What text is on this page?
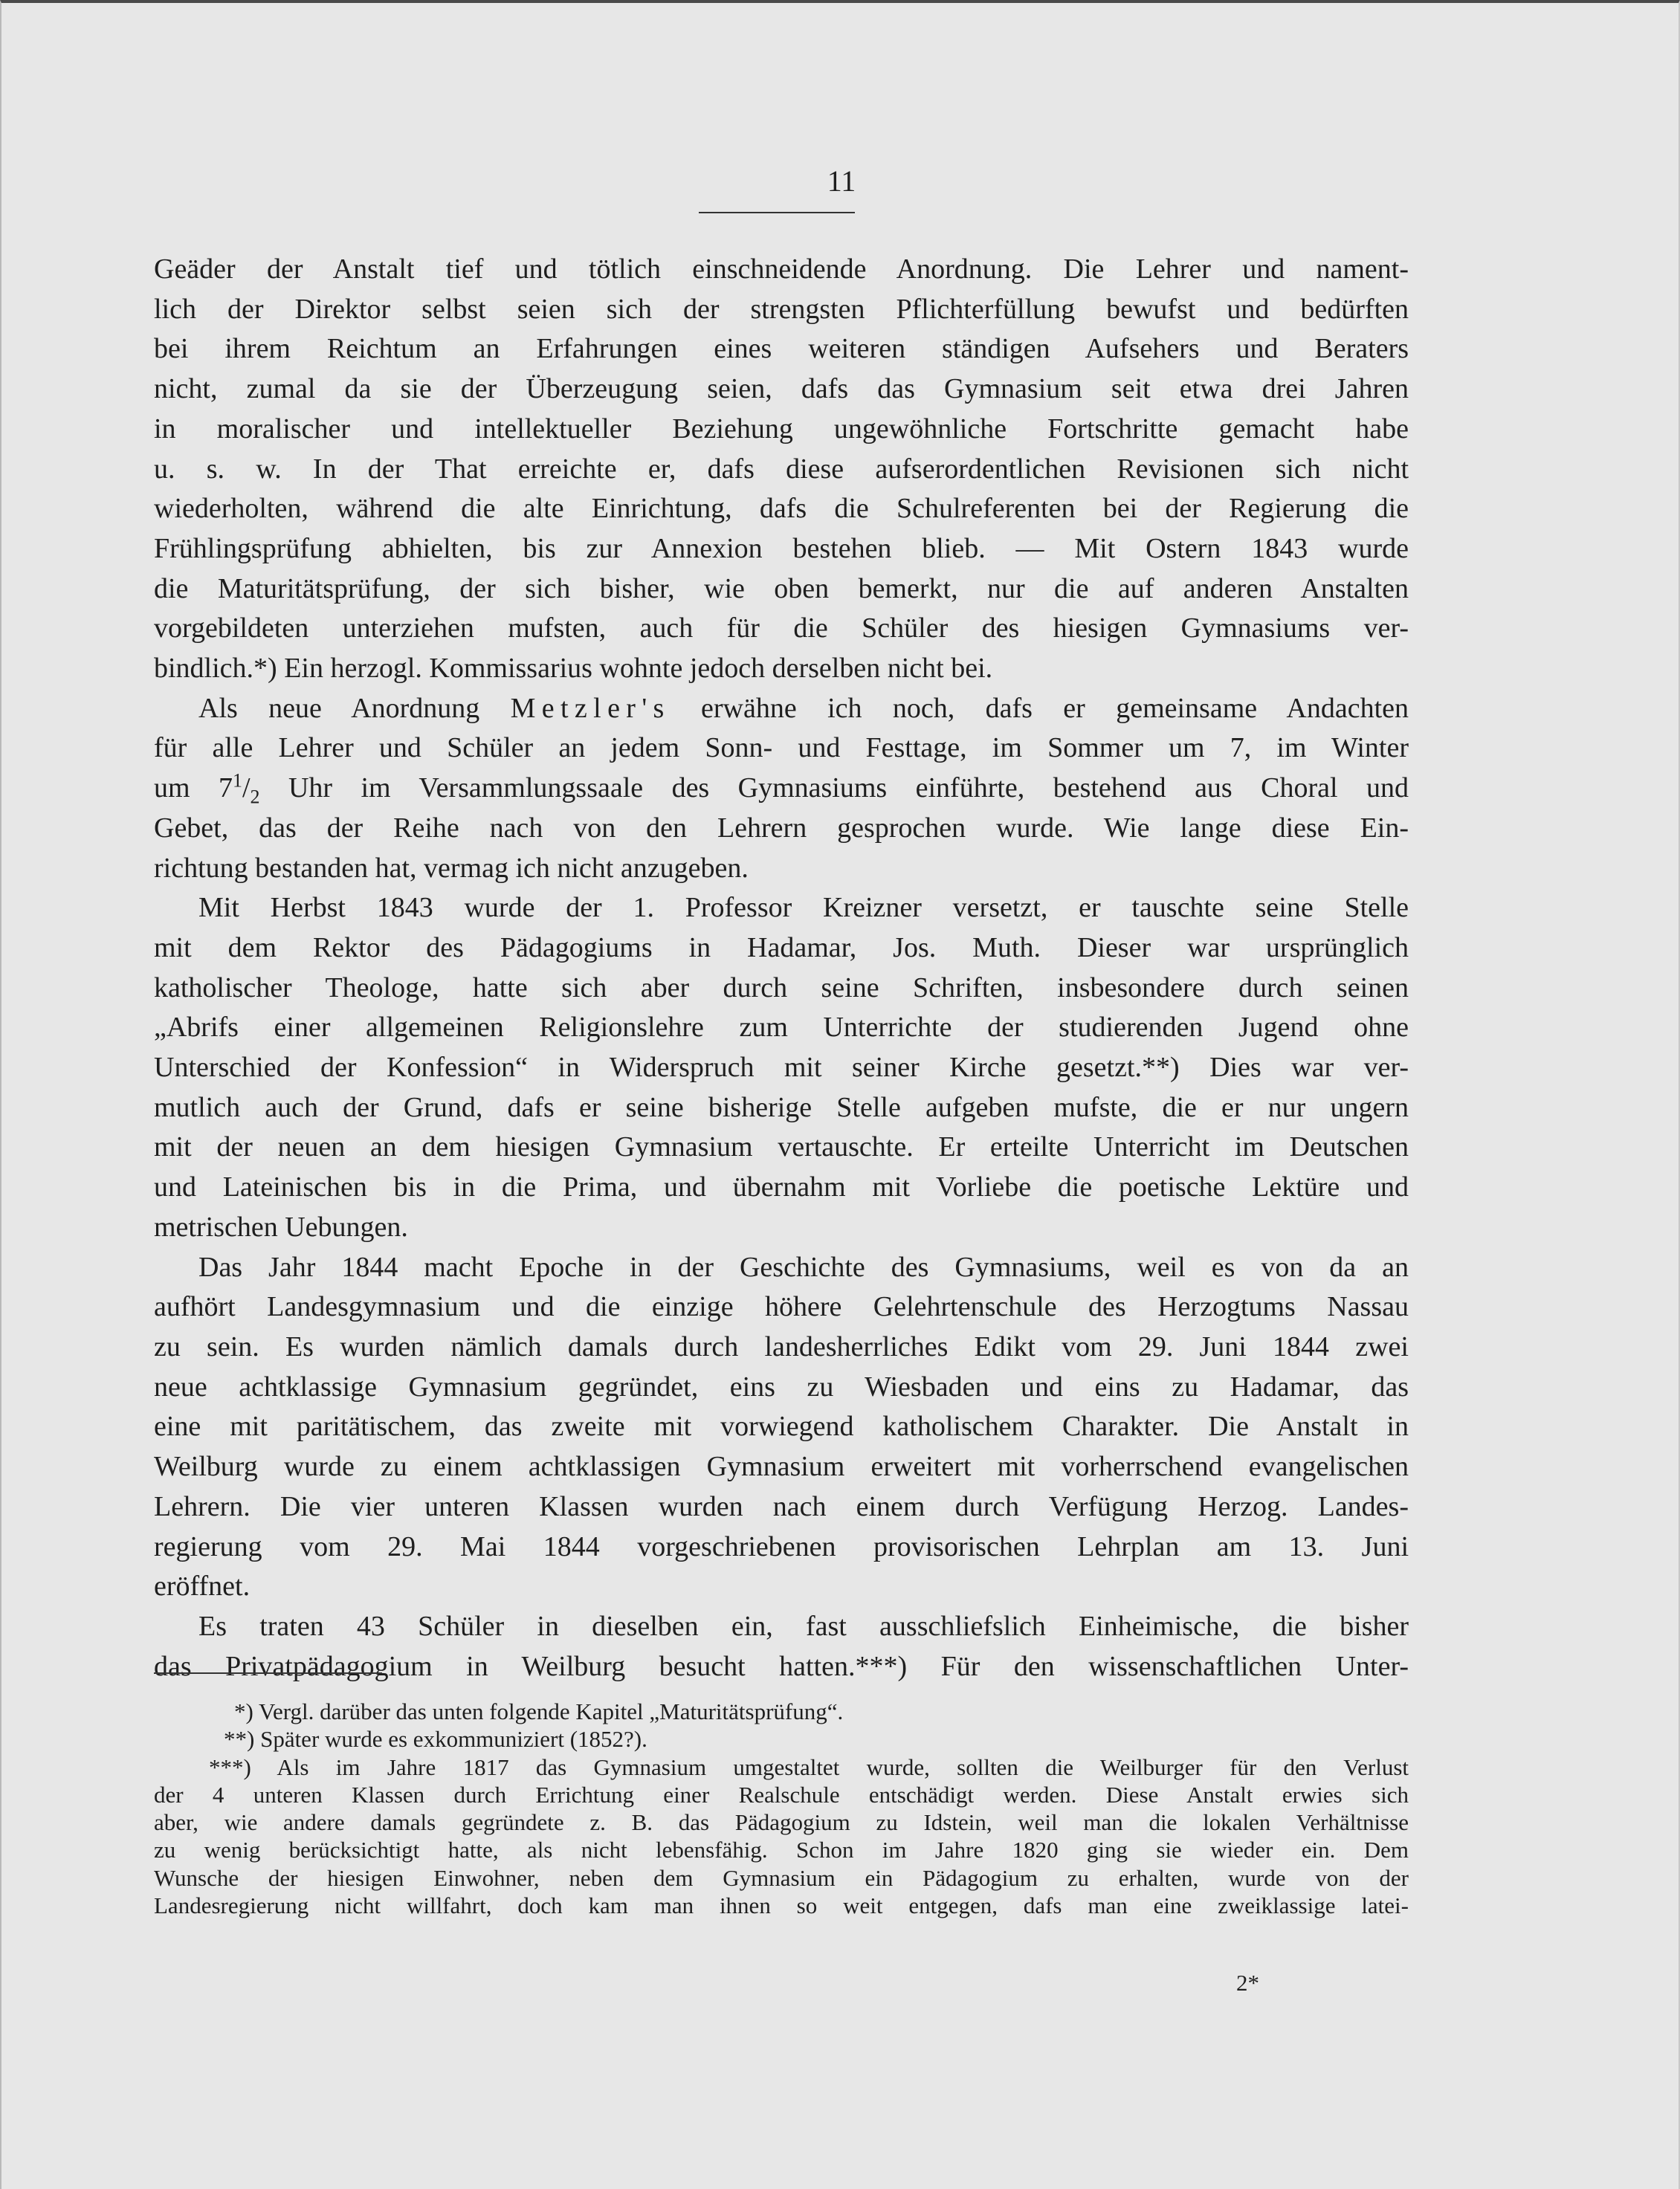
11
Geäder der Anstalt tief und tötlich einschneidende Anordnung. Die Lehrer und nament-
lich der Direktor selbst seien sich der strengsten Pflichterfüllung bewufst und bedürften
bei ihrem Reichtum an Erfahrungen eines weiteren ständigen Aufsehers und Beraters
nicht, zumal da sie der Überzeugung seien, dafs das Gymnasium seit etwa drei Jahren
in moralischer und intellektueller Beziehung ungewöhnliche Fortschritte gemacht habe
u. s. w. In der That erreichte er, dafs diese aufserordentlichen Revisionen sich nicht
wiederholten, während die alte Einrichtung, dafs die Schulreferenten bei der Regierung die
Frühlingsprüfung abhielten, bis zur Annexion bestehen blieb. — Mit Ostern 1843 wurde
die Maturitätsprüfung, der sich bisher, wie oben bemerkt, nur die auf anderen Anstalten
vorgebildeten unterziehen mufsten, auch für die Schüler des hiesigen Gymnasiums ver-
bindlich.*) Ein herzogl. Kommissarius wohnte jedoch derselben nicht bei.
Als neue Anordnung Metzler's erwähne ich noch, dafs er gemeinsame Andachten
für alle Lehrer und Schüler an jedem Sonn- und Festtage, im Sommer um 7, im Winter
um $7^1/_2$ Uhr im Versammlungssaale des Gymnasiums einführte, bestehend aus Choral und
Gebet, das der Reihe nach von den Lehrern gesprochen wurde. Wie lange diese Ein-
richtung bestanden hat, vermag ich nicht anzugeben.
Mit Herbst 1843 wurde der 1. Professor Kreizner versetzt, er tauschte seine Stelle
mit dem Rektor des Pädagogiums in Hadamar, Jos. Muth. Dieser war ursprünglich
katholischer Theologe, hatte sich aber durch seine Schriften, insbesondere durch seinen
„Abrifs einer allgemeinen Religionslehre zum Unterrichte der studierenden Jugend ohne
Unterschied der Konfession“ in Widerspruch mit seiner Kirche gesetzt.**) Dies war ver-
mutlich auch der Grund, dafs er seine bisherige Stelle aufgeben mufste, die er nur ungern
mit der neuen an dem hiesigen Gymnasium vertauschte. Er erteilte Unterricht im Deutschen
und Lateinischen bis in die Prima, und übernahm mit Vorliebe die poetische Lektüre und
metrischen Uebungen.
Das Jahr 1844 macht Epoche in der Geschichte des Gymnasiums, weil es von da an
aufhört Landesgymnasium und die einzige höhere Gelehrtenschule des Herzogtums Nassau
zu sein. Es wurden nämlich damals durch landesherrliches Edikt vom 29. Juni 1844 zwei
neue achtklassige Gymnasium gegründet, eins zu Wiesbaden und eins zu Hadamar, das
eine mit paritätischem, das zweite mit vorwiegend katholischem Charakter. Die Anstalt in
Weilburg wurde zu einem achtklassigen Gymnasium erweitert mit vorherrschend evangelischen
Lehrern. Die vier unteren Klassen wurden nach einem durch Verfügung Herzog. Landes-
regierung vom 29. Mai 1844 vorgeschriebenen provisorischen Lehrplan am 13. Juni
eröffnet.
Es traten 43 Schüler in dieselben ein, fast ausschliefslich Einheimische, die bisher
das Privatpädagogium in Weilburg besucht hatten.***) Für den wissenschaftlichen Unter-
*) Vergl. darüber das unten folgende Kapitel „Maturitätsprüfung“.
**) Später wurde es exkommuniziert (1852?).
***) Als im Jahre 1817 das Gymnasium umgestaltet wurde, sollten die Weilburger für den Verlust
der 4 unteren Klassen durch Errichtung einer Realschule entschädigt werden. Diese Anstalt erwies sich
aber, wie andere damals gegründete z. B. das Pädagogium zu Idstein, weil man die lokalen Verhältnisse
zu wenig berücksichtigt hatte, als nicht lebensfähig. Schon im Jahre 1820 ging sie wieder ein. Dem
Wunsche der hiesigen Einwohner, neben dem Gymnasium ein Pädagogium zu erhalten, wurde von der
Landesregierung nicht willfahrt, doch kam man ihnen so weit entgegen, dafs man eine zweiklassige latei-
2*
